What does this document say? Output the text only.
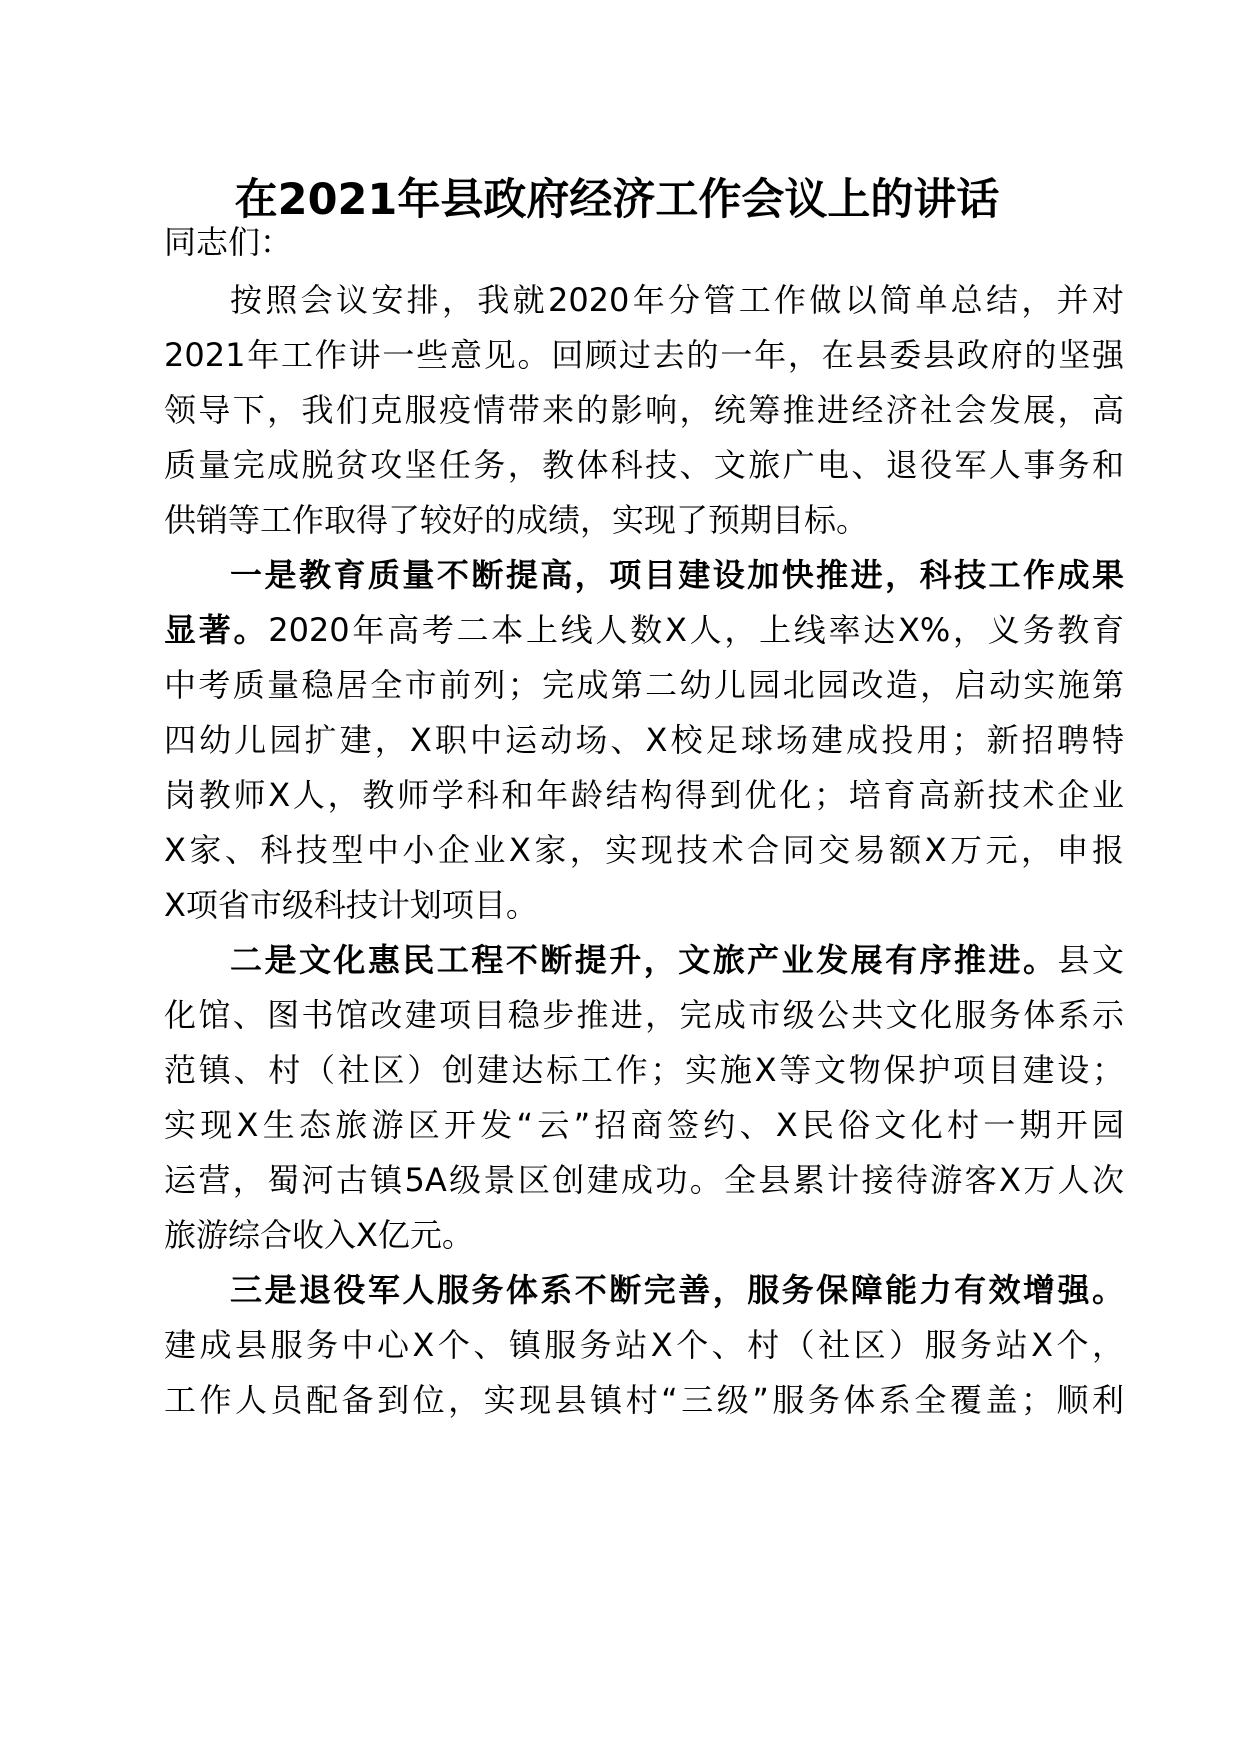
在2021年县政府经济工作会议上的讲话
同志们：
按照会议安排，我就2020年分管工作做以简单总结，并对
2021年工作讲一些意见。回顾过去的一年，在县委县政府的坚强
领导下，我们克服疫情带来的影响，统筹推进经济社会发展，高
质量完成脱贫攻坚任务，教体科技、文旅广电、退役军人事务和
供销等工作取得了较好的成绩，实现了预期目标。
一是教育质量不断提高，项目建设加快推进，科技工作成果
显著。2020年高考二本上线人数X人，上线率达X%，义务教育
中考质量稳居全市前列；完成第二幼儿园北园改造，启动实施第
四幼儿园扩建，X职中运动场、X校足球场建成投用；新招聘特
岗教师X人，教师学科和年龄结构得到优化；培育高新技术企业
X家、科技型中小企业X家，实现技术合同交易额X万元，申报
X项省市级科技计划项目。
二是文化惠民工程不断提升，文旅产业发展有序推进。县文
化馆、图书馆改建项目稳步推进，完成市级公共文化服务体系示
范镇、村（社区）创建达标工作；实施X等文物保护项目建设；
实现X生态旅游区开发“云”招商签约、X民俗文化村一期开园
运营，蜀河古镇5A级景区创建成功。全县累计接待游客X万人次
旅游综合收入X亿元。
三是退役军人服务体系不断完善，服务保障能力有效增强。
建成县服务中心X个、镇服务站X个、村（社区）服务站X个，
工作人员配备到位，实现县镇村“三级”服务体系全覆盖；顺利
